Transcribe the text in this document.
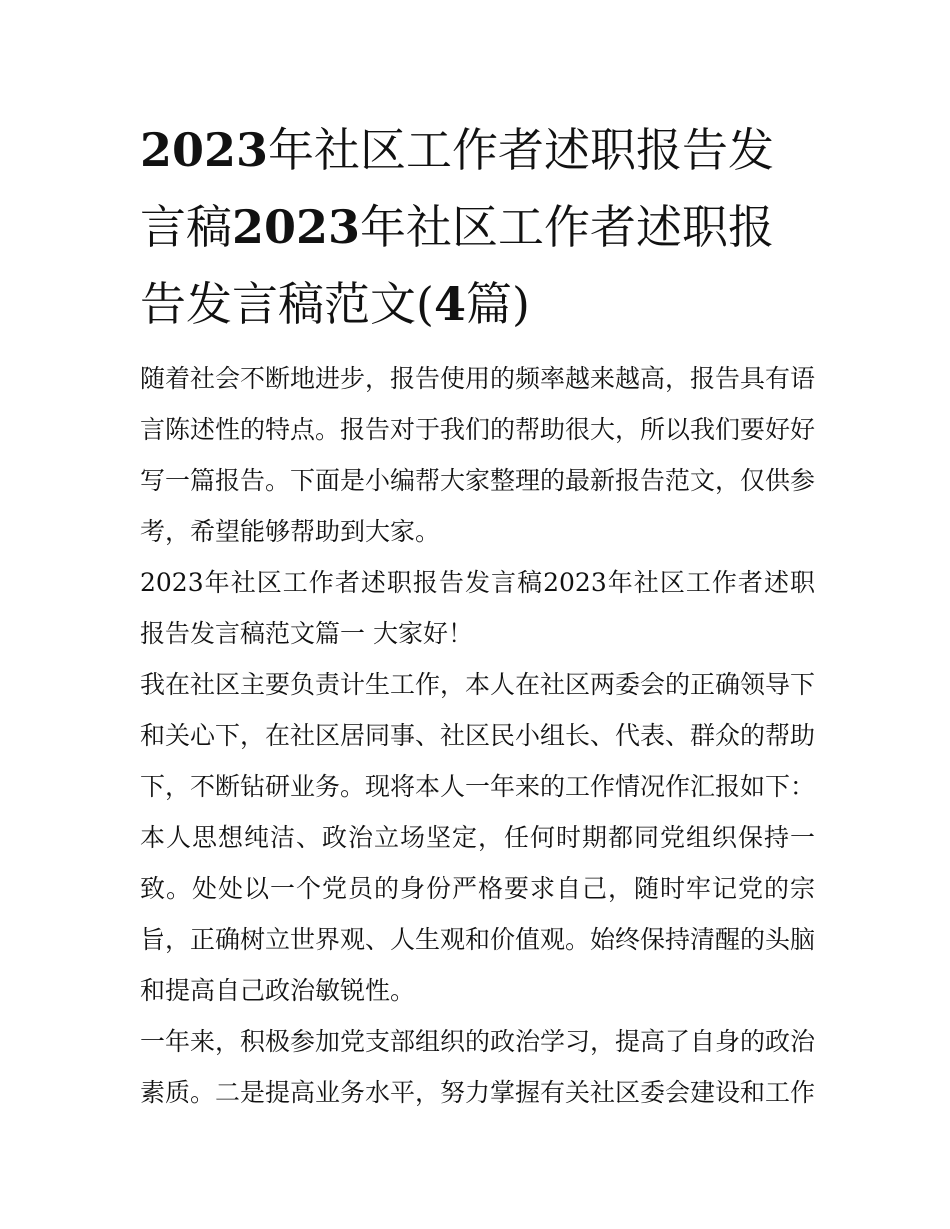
2023年社区工作者述职报告发言稿2023年社区工作者述职报告发言稿范文(4篇)

随着社会不断地进步，报告使用的频率越来越高，报告具有语言陈述性的特点。报告对于我们的帮助很大，所以我们要好好写一篇报告。下面是小编帮大家整理的最新报告范文，仅供参考，希望能够帮助到大家。

2023年社区工作者述职报告发言稿2023年社区工作者述职报告发言稿范文篇一 大家好！

我在社区主要负责计生工作，本人在社区两委会的正确领导下和关心下，在社区居同事、社区民小组长、代表、群众的帮助下，不断钻研业务。现将本人一年来的工作情况作汇报如下：本人思想纯洁、政治立场坚定，任何时期都同党组织保持一致。处处以一个党员的身份严格要求自己，随时牢记党的宗旨，正确树立世界观、人生观和价值观。始终保持清醒的头脑和提高自己政治敏锐性。

一年来，积极参加党支部组织的政治学习，提高了自身的政治素质。二是提高业务水平，努力掌握有关社区委会建设和工作
